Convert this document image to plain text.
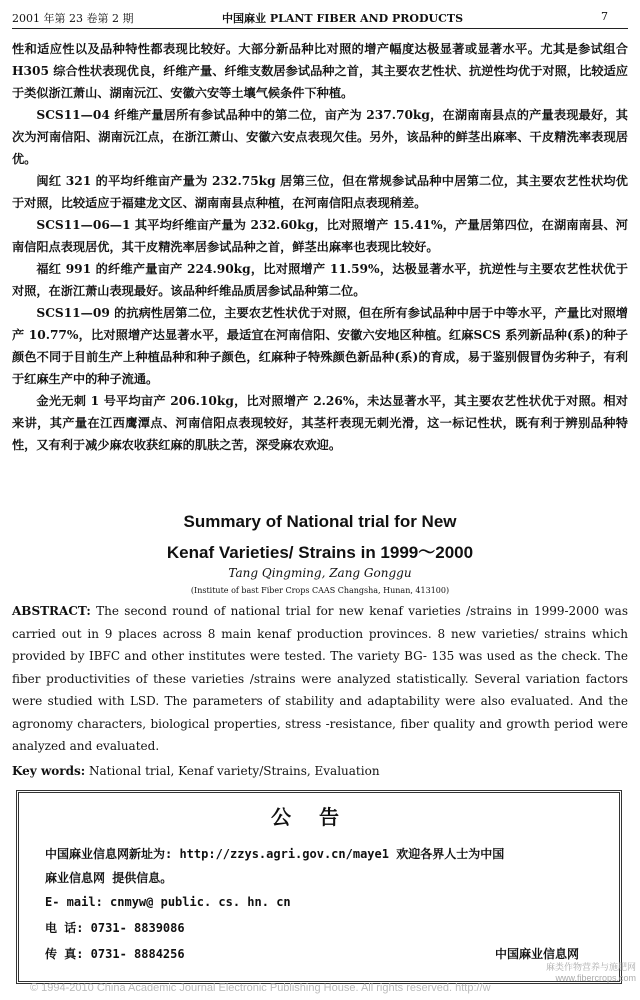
2001 年第 23 卷第 2 期	中国麻业 PLANT FIBER AND PRODUCTS	7

性和适应性以及品种特性都表现比较好。大部分新品种比对照的增产幅度达极显著或显著水平。尤其是参试组合 H305 综合性状表现优良，纤维产量、纤维支数居参试品种之首，其主要农艺性状、抗逆性均优于对照，比较适应于类似浙江萧山、湖南沅江、安徽六安等土壤气候条件下种植。

SCS11—04 纤维产量居所有参试品种中的第二位，亩产为 237.70kg，在湖南南县点的产量表现最好，其次为河南信阳、湖南沅江点，在浙江萧山、安徽六安点表现欠佳。另外，该品种的鲜茎出麻率、干皮精洗率表现居优。

闽红 321 的平均纤维亩产量为 232.75kg 居第三位，但在常规参试品种中居第二位，其主要农艺性状均优于对照，比较适应于福建龙文区、湖南南县点种植，在河南信阳点表现稍差。

SCS11—06—1 其平均纤维亩产量为 232.60kg，比对照增产 15.41%，产量居第四位，在湖南南县、河南信阳点表现居优，其干皮精洗率居参试品种之首，鲜茎出麻率也表现比较好。

福红 991 的纤维产量亩产 224.90kg，比对照增产 11.59%，达极显著水平，抗逆性与主要农艺性状优于对照，在浙江萧山表现最好。该品种纤维品质居参试品种第二位。

SCS11—09 的抗病性居第二位，主要农艺性状优于对照，但在所有参试品种中居于中等水平，产量比对照增产 10.77%，比对照增产达显著水平，最适宜在河南信阳、安徽六安地区种植。红麻SCS 系列新品种(系)的种子颜色不同于目前生产上种植品种和种子颜色，红麻种子特殊颜色新品种(系)的育成，易于鉴别假冒伪劣种子，有利于红麻生产中的种子流通。

金光无刺 1 号平均亩产 206.10kg，比对照增产 2.26%，未达显著水平，其主要农艺性状优于对照。相对来讲，其产量在江西鹰潭点、河南信阳点表现较好，其茎杆表现无刺光滑，这一标记性状，既有利于辨别品种特性，又有利于减少麻农收获红麻的肌肤之苦，深受麻农欢迎。

Summary of National trial for New
Kenaf Varieties/ Strains in 1999～2000
Tang Qingming, Zang Gonggu
(Institute of bast Fiber Crops CAAS Changsha, Hunan, 413100)
ABSTRACT: The second round of national trial for new kenaf varieties /strains in 1999-2000 was carried out in 9 places across 8 main kenaf production provinces. 8 new varieties/ strains which provided by IBFC and other institutes were tested. The variety BG- 135 was used as the check. The fiber productivities of these varieties /strains were analyzed statistically. Several variation factors were studied with LSD. The parameters of stability and adaptability were also evaluated. And the agronomy characters, biological properties, stress -resistance, fiber quality and growth period were analyzed and evaluated.
Key words: National trial, Kenaf variety/Strains, Evaluation
公告
中国麻业信息网新址为: http://zzys.agri.gov.cn/maye1 欢迎各界人士为中国
麻业信息网 提供信息。
E- mail: cnmyw@ public. cs. hn. cn
电 话: 0731- 8839086
传 真: 0731- 8884256	中国麻业信息网
麻类作物营养与施肥网
www.fibercrops.com
© 1994-2010 China Academic Journal Electronic Publishing House. All rights reserved. http://w
